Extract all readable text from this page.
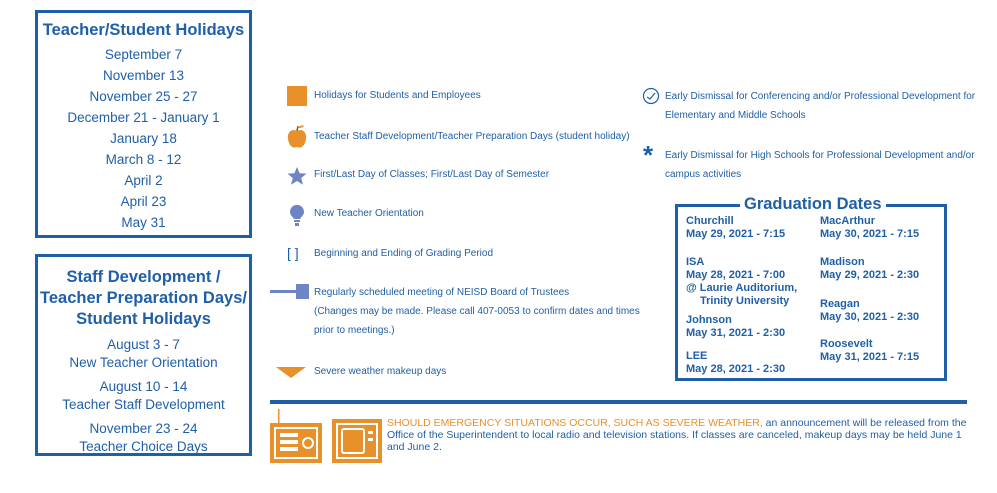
Teacher/Student Holidays
September 7
November 13
November 25 - 27
December 21 - January 1
January 18
March 8 - 12
April 2
April 23
May 31
Staff Development /
Teacher Preparation Days/
Student Holidays
August 3 - 7
New Teacher Orientation
August 10 - 14
Teacher Staff Development
November 23 - 24
Teacher Choice Days
Holidays for Students and Employees
Teacher Staff Development/Teacher Preparation Days (student holiday)
First/Last Day of Classes; First/Last Day of Semester
New Teacher Orientation
[ ] Beginning and Ending of Grading Period
Regularly scheduled meeting of NEISD Board of Trustees
(Changes may be made. Please call 407-0053 to confirm dates and times
prior to meetings.)
Severe weather makeup days
Early Dismissal for Conferencing and/or Professional Development for
Elementary and Middle Schools
* Early Dismissal for High Schools for Professional Development and/or
campus activities
Graduation Dates
Churchill
May 29, 2021 - 7:15
ISA
May 28, 2021 - 7:00
@ Laurie Auditorium,
Trinity University
Johnson
May 31, 2021 - 2:30
LEE
May 28, 2021 - 2:30
MacArthur
May 30, 2021 - 7:15
Madison
May 29, 2021 - 2:30
Reagan
May 30, 2021 - 2:30
Roosevelt
May 31, 2021 - 7:15
SHOULD EMERGENCY SITUATIONS OCCUR, SUCH AS SEVERE WEATHER, an announcement will be released from the Office of the Superintendent to local radio and television stations. If classes are canceled, makeup days may be held June 1 and June 2.
